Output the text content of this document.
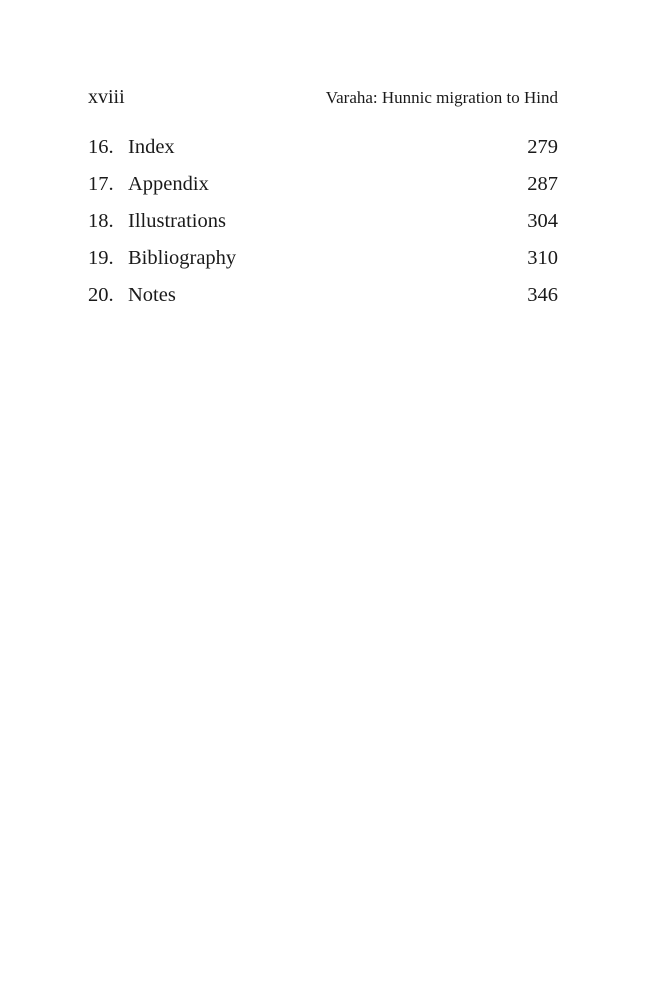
xviii	Varaha: Hunnic migration to Hind
16. Index	279
17. Appendix	287
18. Illustrations	304
19. Bibliography	310
20. Notes	346
